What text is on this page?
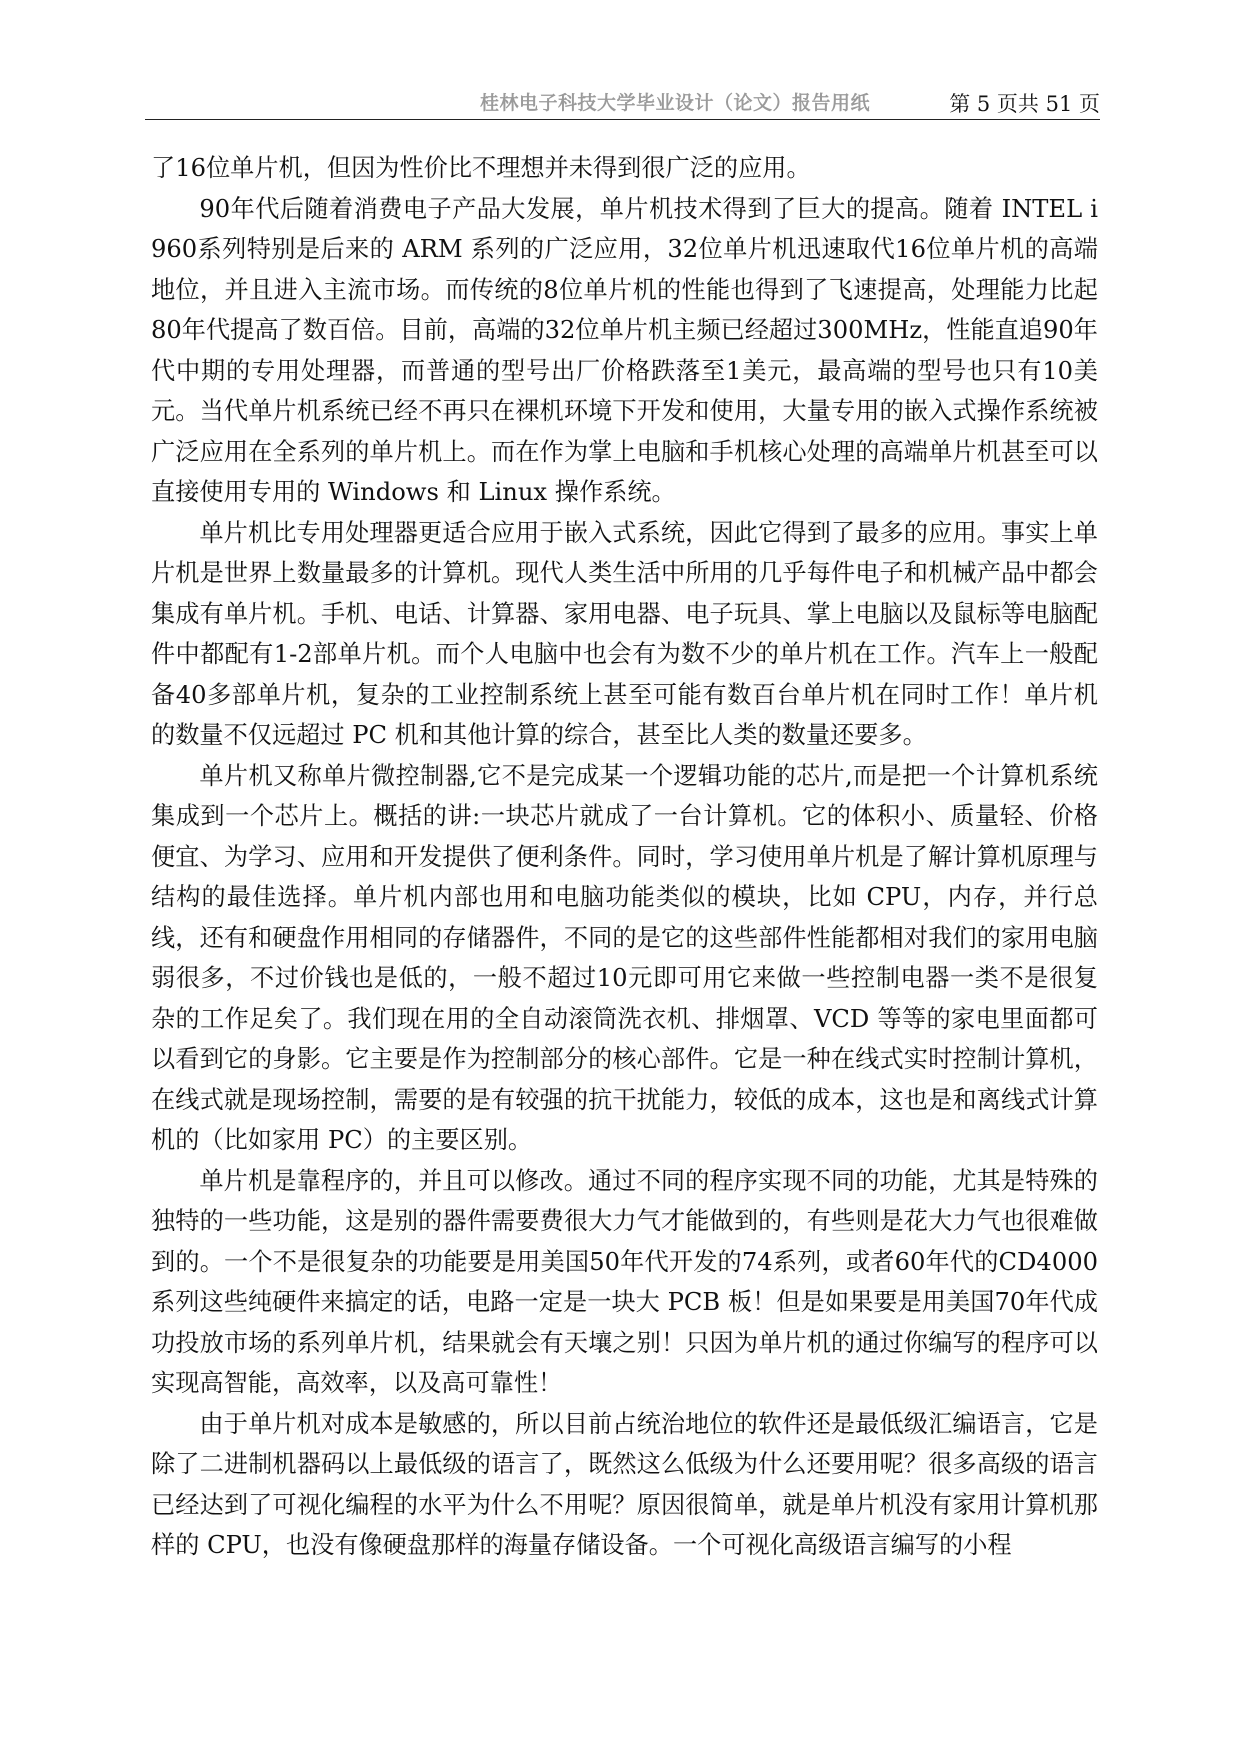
桂林电子科技大学毕业设计（论文）报告用纸	第 5 页共 51 页

了16位单片机，但因为性价比不理想并未得到很广泛的应用。

90年代后随着消费电子产品大发展，单片机技术得到了巨大的提高。随着 INTEL i960系列特别是后来的 ARM 系列的广泛应用，32位单片机迅速取代16位单片机的高端地位，并且进入主流市场。而传统的8位单片机的性能也得到了飞速提高，处理能力比起80年代提高了数百倍。目前，高端的32位单片机主频已经超过300MHz，性能直追90年代中期的专用处理器，而普通的型号出厂价格跌落至1美元，最高端的型号也只有10美元。当代单片机系统已经不再只在裸机环境下开发和使用，大量专用的嵌入式操作系统被广泛应用在全系列的单片机上。而在作为掌上电脑和手机核心处理的高端单片机甚至可以直接使用专用的 Windows 和 Linux 操作系统。

单片机比专用处理器更适合应用于嵌入式系统，因此它得到了最多的应用。事实上单片机是世界上数量最多的计算机。现代人类生活中所用的几乎每件电子和机械产品中都会集成有单片机。手机、电话、计算器、家用电器、电子玩具、掌上电脑以及鼠标等电脑配件中都配有1-2部单片机。而个人电脑中也会有为数不少的单片机在工作。汽车上一般配备40多部单片机，复杂的工业控制系统上甚至可能有数百台单片机在同时工作！单片机的数量不仅远超过 PC 机和其他计算的综合，甚至比人类的数量还要多。

单片机又称单片微控制器,它不是完成某一个逻辑功能的芯片,而是把一个计算机系统集成到一个芯片上。概括的讲:一块芯片就成了一台计算机。它的体积小、质量轻、价格便宜、为学习、应用和开发提供了便利条件。同时，学习使用单片机是了解计算机原理与结构的最佳选择。单片机内部也用和电脑功能类似的模块，比如 CPU，内存，并行总线，还有和硬盘作用相同的存储器件，不同的是它的这些部件性能都相对我们的家用电脑弱很多，不过价钱也是低的，一般不超过10元即可用它来做一些控制电器一类不是很复杂的工作足矣了。我们现在用的全自动滚筒洗衣机、排烟罩、VCD 等等的家电里面都可以看到它的身影。它主要是作为控制部分的核心部件。它是一种在线式实时控制计算机，在线式就是现场控制，需要的是有较强的抗干扰能力，较低的成本，这也是和离线式计算机的（比如家用 PC）的主要区别。

单片机是靠程序的，并且可以修改。通过不同的程序实现不同的功能，尤其是特殊的独特的一些功能，这是别的器件需要费很大力气才能做到的，有些则是花大力气也很难做到的。一个不是很复杂的功能要是用美国50年代开发的74系列，或者60年代的CD4000系列这些纯硬件来搞定的话，电路一定是一块大 PCB 板！但是如果要是用美国70年代成功投放市场的系列单片机，结果就会有天壤之别！只因为单片机的通过你编写的程序可以实现高智能，高效率，以及高可靠性！

由于单片机对成本是敏感的，所以目前占统治地位的软件还是最低级汇编语言，它是除了二进制机器码以上最低级的语言了，既然这么低级为什么还要用呢？很多高级的语言已经达到了可视化编程的水平为什么不用呢？原因很简单，就是单片机没有家用计算机那样的 CPU，也没有像硬盘那样的海量存储设备。一个可视化高级语言编写的小程
